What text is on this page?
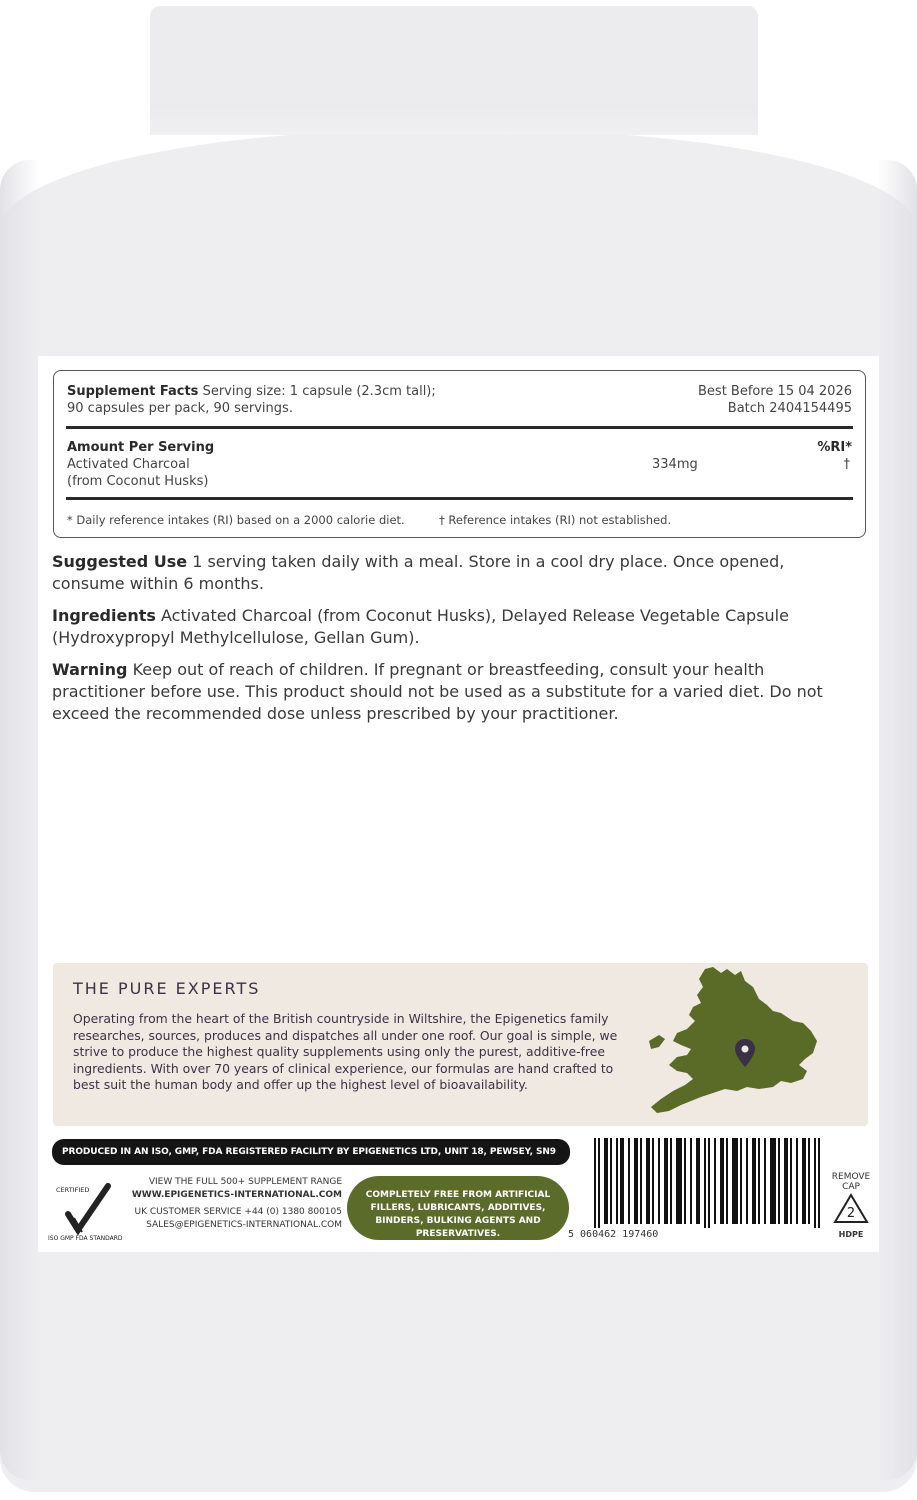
Supplement Facts Serving size: 1 capsule (2.3cm tall);
90 capsules per pack, 90 servings.
Best Before 15 04 2026
Batch 2404154495
Amount Per Serving	%RI*
Activated Charcoal
(from Coconut Husks)
334mg	†
* Daily reference intakes (RI) based on a 2000 calorie diet.	† Reference intakes (RI) not established.
Suggested Use 1 serving taken daily with a meal. Store in a cool dry place. Once opened, consume within 6 months.
Ingredients Activated Charcoal (from Coconut Husks), Delayed Release Vegetable Capsule (Hydroxypropyl Methylcellulose, Gellan Gum).
Warning Keep out of reach of children. If pregnant or breastfeeding, consult your health practitioner before use. This product should not be used as a substitute for a varied diet. Do not exceed the recommended dose unless prescribed by your practitioner.
THE PURE EXPERTS
Operating from the heart of the British countryside in Wiltshire, the Epigenetics family researches, sources, produces and dispatches all under one roof. Our goal is simple, we strive to produce the highest quality supplements using only the purest, additive-free ingredients. With over 70 years of clinical experience, our formulas are hand crafted to best suit the human body and offer up the highest level of bioavailability.
PRODUCED IN AN ISO, GMP, FDA REGISTERED FACILITY BY EPIGENETICS LTD, UNIT 18, PEWSEY, SN9 6NL, UK.
CERTIFIED
ISO GMP FDA STANDARD
VIEW THE FULL 500+ SUPPLEMENT RANGE
WWW.EPIGENETICS-INTERNATIONAL.COM
UK CUSTOMER SERVICE +44 (0) 1380 800105
SALES@EPIGENETICS-INTERNATIONAL.COM
COMPLETELY FREE FROM ARTIFICIAL FILLERS, LUBRICANTS, ADDITIVES, BINDERS, BULKING AGENTS AND PRESERVATIVES.	5 060462 197460
REMOVE CAP
2
HDPE
